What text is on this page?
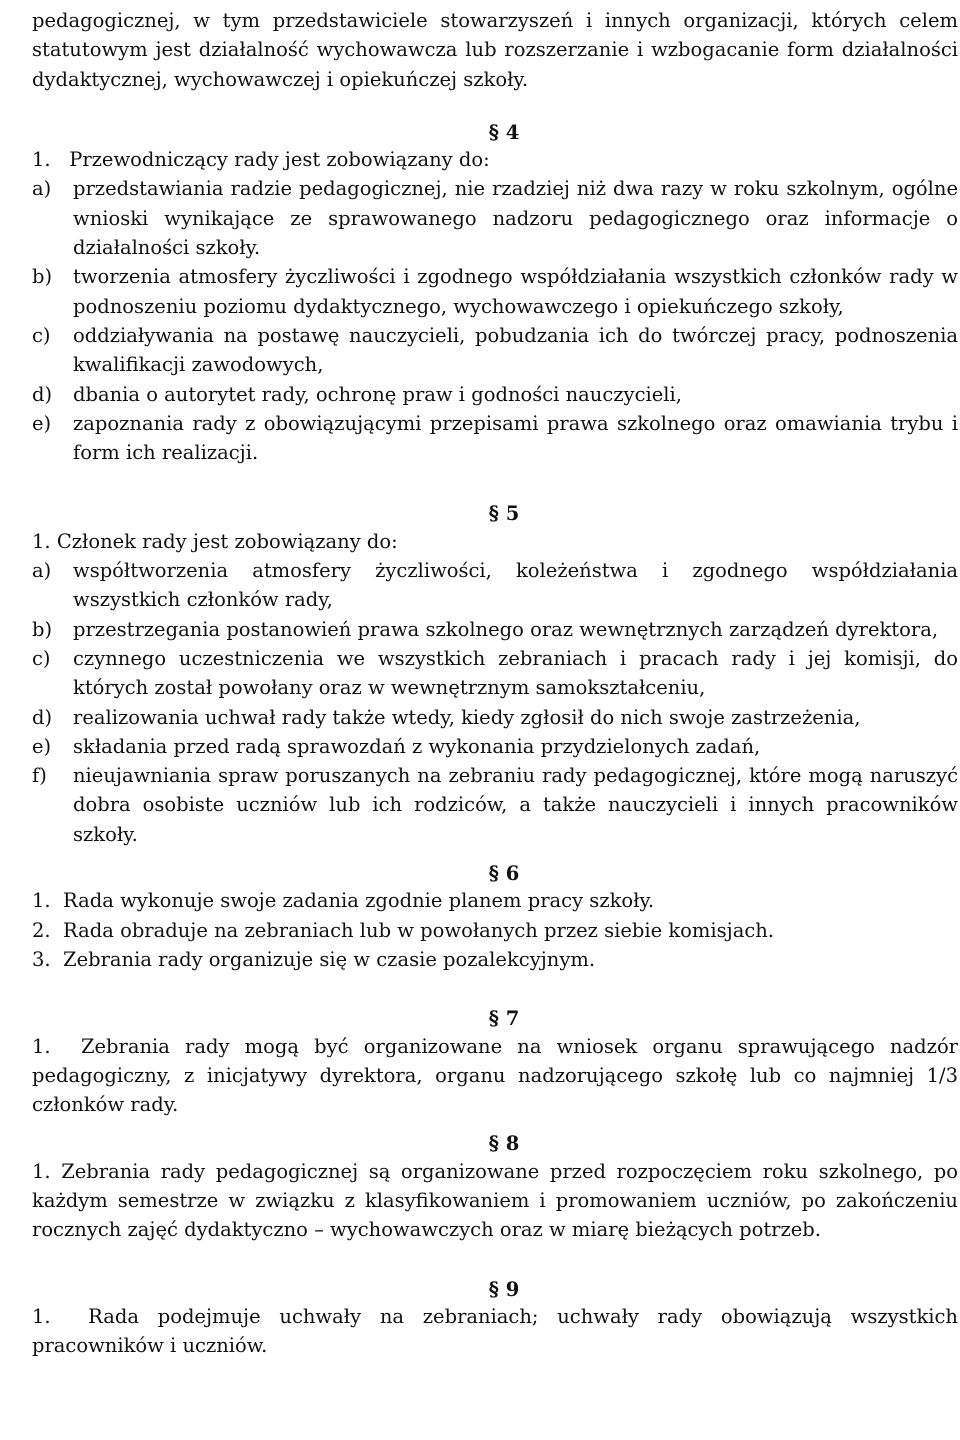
pedagogicznej, w tym przedstawiciele stowarzyszeń i innych organizacji, których celem statutowym jest działalność wychowawcza lub rozszerzanie i wzbogacanie form działalności dydaktycznej, wychowawczej i opiekuńczej szkoły.

§ 4
1. Przewodniczący rady jest zobowiązany do:
a) przedstawiania radzie pedagogicznej, nie rzadziej niż dwa razy w roku szkolnym, ogólne wnioski wynikające ze sprawowanego nadzoru pedagogicznego oraz informacje o działalności szkoły.
b) tworzenia atmosfery życzliwości i zgodnego współdziałania wszystkich członków rady w podnoszeniu poziomu dydaktycznego, wychowawczego i opiekuńczego szkoły,
c) oddziaływania na postawę nauczycieli, pobudzania ich do twórczej pracy, podnoszenia kwalifikacji zawodowych,
d) dbania o autorytet rady, ochronę praw i godności nauczycieli,
e) zapoznania rady z obowiązującymi przepisami prawa szkolnego oraz omawiania trybu i form ich realizacji.
§ 5
1. Członek rady jest zobowiązany do:
a) współtworzenia atmosfery życzliwości, koleżeństwa i zgodnego współdziałania wszystkich członków rady,
b) przestrzegania postanowień prawa szkolnego oraz wewnętrznych zarządzeń dyrektora,
c) czynnego uczestniczenia we wszystkich zebraniach i pracach rady i jej komisji, do których został powołany oraz w wewnętrznym samokształceniu,
d) realizowania uchwał rady także wtedy, kiedy zgłosił do nich swoje zastrzeżenia,
e) składania przed radą sprawozdań z wykonania przydzielonych zadań,
f) nieujawniania spraw poruszanych na zebraniu rady pedagogicznej, które mogą naruszyć dobra osobiste uczniów lub ich rodziców, a także nauczycieli i innych pracowników szkoły.
§ 6
1. Rada wykonuje swoje zadania zgodnie planem pracy szkoły.
2. Rada obraduje na zebraniach lub w powołanych przez siebie komisjach.
3. Zebrania rady organizuje się w czasie pozalekcyjnym.
§ 7
1. Zebrania rady mogą być organizowane na wniosek organu sprawującego nadzór pedagogiczny, z inicjatywy dyrektora, organu nadzorującego szkołę lub co najmniej 1/3 członków rady.
§ 8
1. Zebrania rady pedagogicznej są organizowane przed rozpoczęciem roku szkolnego, po każdym semestrze w związku z klasyfikowaniem i promowaniem uczniów, po zakończeniu rocznych zajęć dydaktyczno – wychowawczych oraz w miarę bieżących potrzeb.
§ 9
1. Rada podejmuje uchwały na zebraniach; uchwały rady obowiązują wszystkich pracowników i uczniów.
